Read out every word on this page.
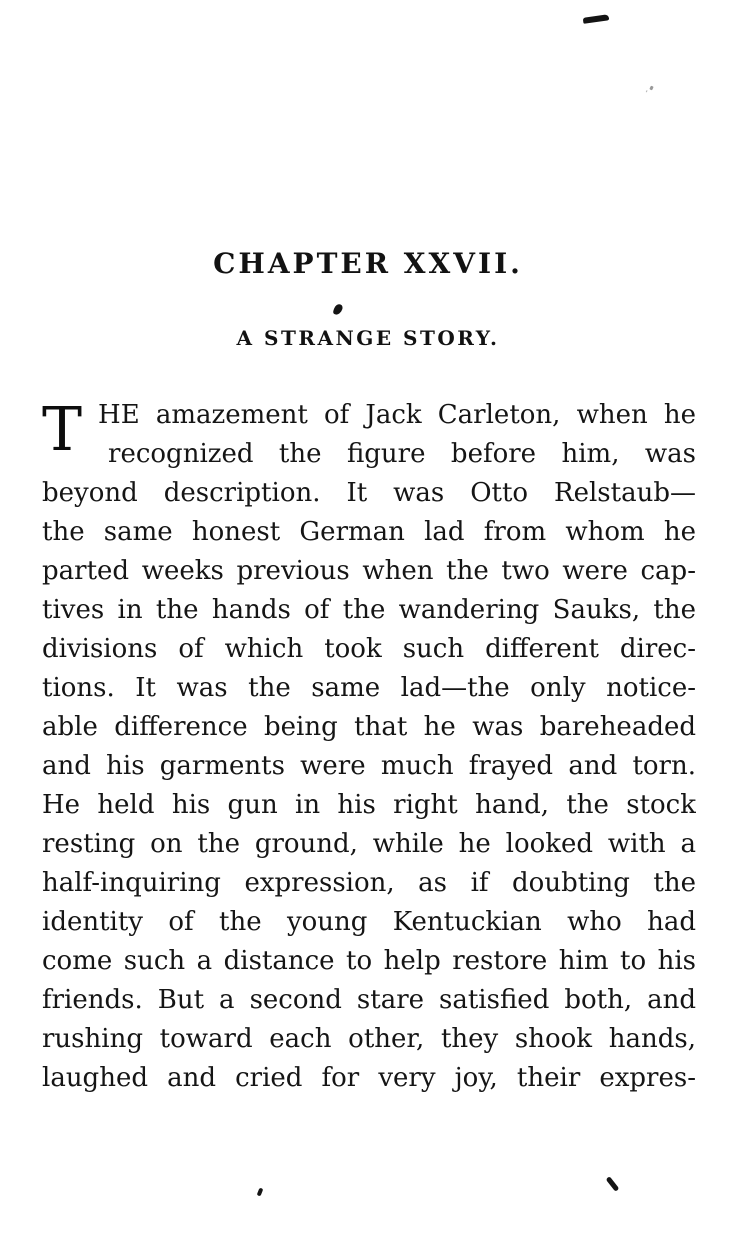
CHAPTER XXVII.
A STRANGE STORY.
T HE amazement of Jack Carleton, when he
recognized the figure before him, was
beyond description. It was Otto Relstaub—
the same honest German lad from whom he
parted weeks previous when the two were cap-
tives in the hands of the wandering Sauks, the
divisions of which took such different direc-
tions. It was the same lad—the only notice-
able difference being that he was bareheaded
and his garments were much frayed and torn.
He held his gun in his right hand, the stock
resting on the ground, while he looked with a
half-inquiring expression, as if doubting the
identity of the young Kentuckian who had
come such a distance to help restore him to his
friends. But a second stare satisfied both, and
rushing toward each other, they shook hands,
laughed and cried for very joy, their expres-
